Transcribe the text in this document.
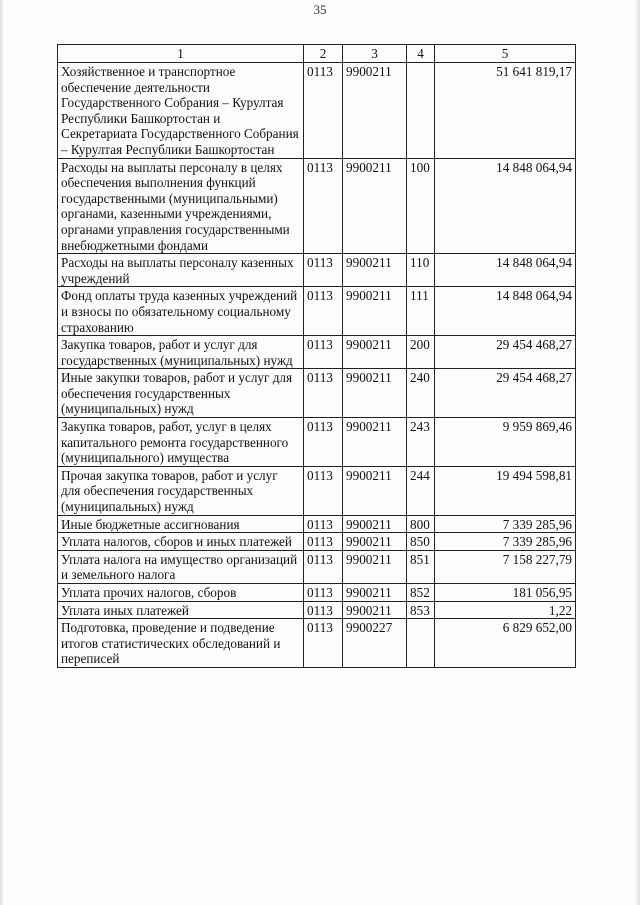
35
1	2	3	4	5
Хозяйственное и транспортное обеспечение деятельности Государственного Собрания – Курултая Республики Башкортостан и Секретариата Государственного Собрания – Курултая Республики Башкортостан	0113	9900211		51 641 819,17
Расходы на выплаты персоналу в целях обеспечения выполнения функций государственными (муниципальными) органами, казенными учреждениями, органами управления государственными внебюджетными фондами	0113	9900211	100	14 848 064,94
Расходы на выплаты персоналу казенных учреждений	0113	9900211	110	14 848 064,94
Фонд оплаты труда казенных учреждений и взносы по обязательному социальному страхованию	0113	9900211	111	14 848 064,94
Закупка товаров, работ и услуг для государственных (муниципальных) нужд	0113	9900211	200	29 454 468,27
Иные закупки товаров, работ и услуг для обеспечения государственных (муниципальных) нужд	0113	9900211	240	29 454 468,27
Закупка товаров, работ, услуг в целях капитального ремонта государственного (муниципального) имущества	0113	9900211	243	9 959 869,46
Прочая закупка товаров, работ и услуг для обеспечения государственных (муниципальных) нужд	0113	9900211	244	19 494 598,81
Иные бюджетные ассигнования	0113	9900211	800	7 339 285,96
Уплата налогов, сборов и иных платежей	0113	9900211	850	7 339 285,96
Уплата налога на имущество организаций и земельного налога	0113	9900211	851	7 158 227,79
Уплата прочих налогов, сборов	0113	9900211	852	181 056,95
Уплата иных платежей	0113	9900211	853	1,22
Подготовка, проведение и подведение итогов статистических обследований и переписей	0113	9900227		6 829 652,00
